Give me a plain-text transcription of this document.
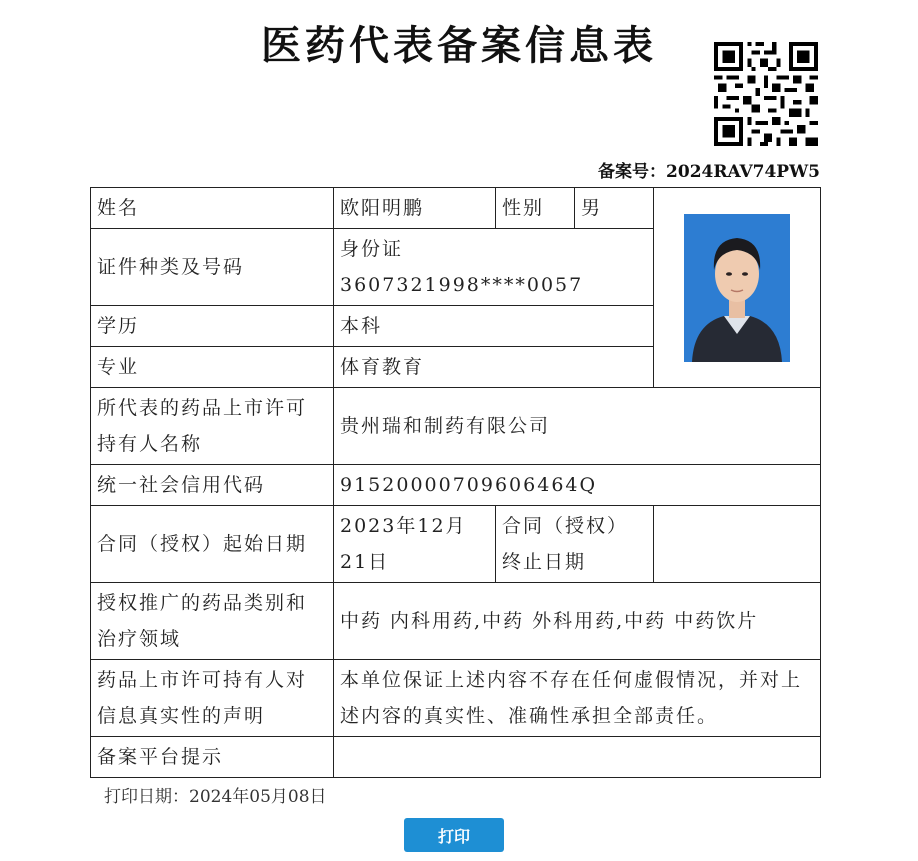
医药代表备案信息表
备案号：2024RAV74PW5
姓名	欧阳明鹏	性别	男	
证件种类及号码	身份证 3607321998****0057			
学历	本科			
专业	体育教育			
所代表的药品上市许可持有人名称	贵州瑞和制药有限公司			
统一社会信用代码	91520000709606464Q			
合同（授权）起始日期	2023年12月21日	合同（授权）终止日期		
授权推广的药品类别和治疗领域	中药 内科用药,中药 外科用药,中药 中药饮片			
药品上市许可持有人对信息真实性的声明	本单位保证上述内容不存在任何虚假情况，并对上述内容的真实性、准确性承担全部责任。			
备案平台提示				
打印日期：2024年05月08日
打印
